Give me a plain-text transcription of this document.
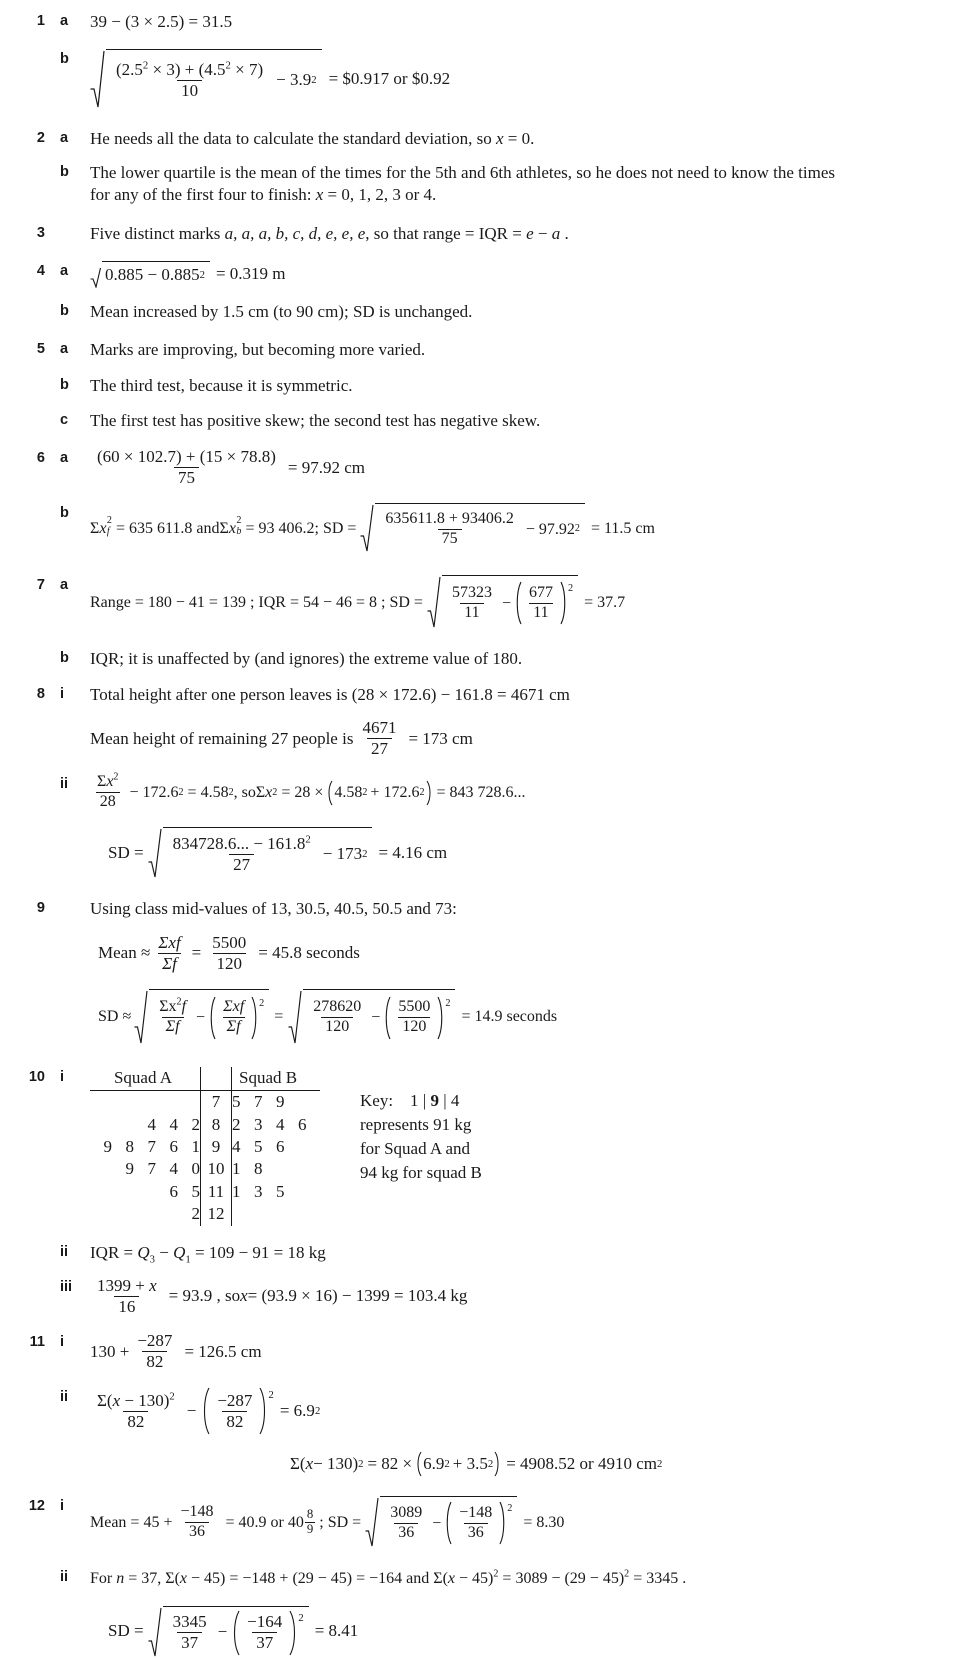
1	a	39 − (3 × 2.5) = 31.5
b
$\frac{(2.5^2 \times 3) + (4.5^2 \times 7)}{10} - 3.9$ 2 = $0.917 or $0.92
2	a	He needs all the data to calculate the standard deviation, so x = 0.
b	The lower quartile is the mean of the times for the 5th and 6th athletes, so he does not need to know the times
for any of the first four to finish: x = 0, 1, 2, 3 or 4.
3	Five distinct marks a, a, a, b, c, d, e, e, e, so that range = IQR = e − a .
4	a	0.885 − 0.885 2 = 0.319 m
b	Mean increased by 1.5 cm (to 90 cm); SD is unchanged.
5	a	Marks are improving, but becoming more varied.
b	The third test, because it is symmetric.
c	The first test has positive skew; the second test has negative skew.
6	a	$\frac{(60 \times 102.7) + (15 \times 78.8)}{75} = 97.92$ cm
b
Σ x 2
f = 635 611.8 and Σ x 2
b = 93 406.2; SD = $\frac{635611.8 + 93406.2}{75} - 97.92$ 2 = 11.5 cm
7	a
Range = 180 − 41 = 139 ; IQR = 54 − 46 = 8 ; SD = $\frac{57323}{11} - \frac{677}{11} 2$
= 37.7
b	IQR; it is unaffected by (and ignores) the extreme value of 180.
8	i	Total height after one person leaves is (28 × 172.6) − 161.8 = 4671 cm
Mean height of remaining 27 people is $\frac{4671}{27} = 173$ cm
ii	$\frac{\Sigma x^2}{28} - 172.6$ 2 = 4.58 2 , so Σ x 2 = 28 × 4.58 2 + 172.6 2 = 843 728.6...
SD = $\frac{834728.6... - 161.8^2}{27} - 173$ 2 = 4.16 cm
9	Using class mid-values of 13, 30.5, 40.5, 50.5 and 73:
Mean ≈ $\frac{\text{Σxf}}{\Sigma f} = \frac{5500}{120} = 45.8$ seconds
SD ≈ $\frac{\Sigma x^2f}{\Sigma f} - \frac{\text{Σxf}}{\Sigma f} 2$
= $\frac{278620}{120} - \frac{5500}{120} 2$
= 14.9 seconds
10	i	Squad A						Squad B			
					7	5	7	9	
		4	4	2	8	2	3	4	6
9	8	7	6	1	9	4	5	6	
	9	7	4	0	10	1	8		
			6	5	11	1	3	5	
				2	12				
Key: 1 | 9 | 4
represents 91 kg
for Squad A and
94 kg for squad B
ii	IQR = $Q_3 - Q_1 = 109 - 91 = 18$ kg
iii	$\frac{1399 + x}{16} = 93.9$ , so x = (93.9 × 16) − 1399 = 103.4 kg
11	i	$130 + \frac{-287}{82} = 126.5$ cm
ii	$\frac{\Sigma(x - 130)^2}{82} - \frac{-287}{82} 2$
= 6.9 2
Σ( x − 130) 2 = 82 × 6.9 2 + 3.5 2 = 4908.52 or 4910 cm 2
12	i
Mean = $45 + \frac{-148}{36} = 40.9$ or $40 \frac{8}{9}$ ; SD = $\frac{3089}{36} - \frac{-148}{36} 2$
= 8.30
ii	For n = 37, Σ(x − 45) = −148 + (29 − 45) = −164 and $\Sigma(x - 45)^2 = 3089 - (29 - 45)^2 = 3345$ .
SD = $\frac{3345}{37} - \frac{-164}{37} 2$
= 8.41
